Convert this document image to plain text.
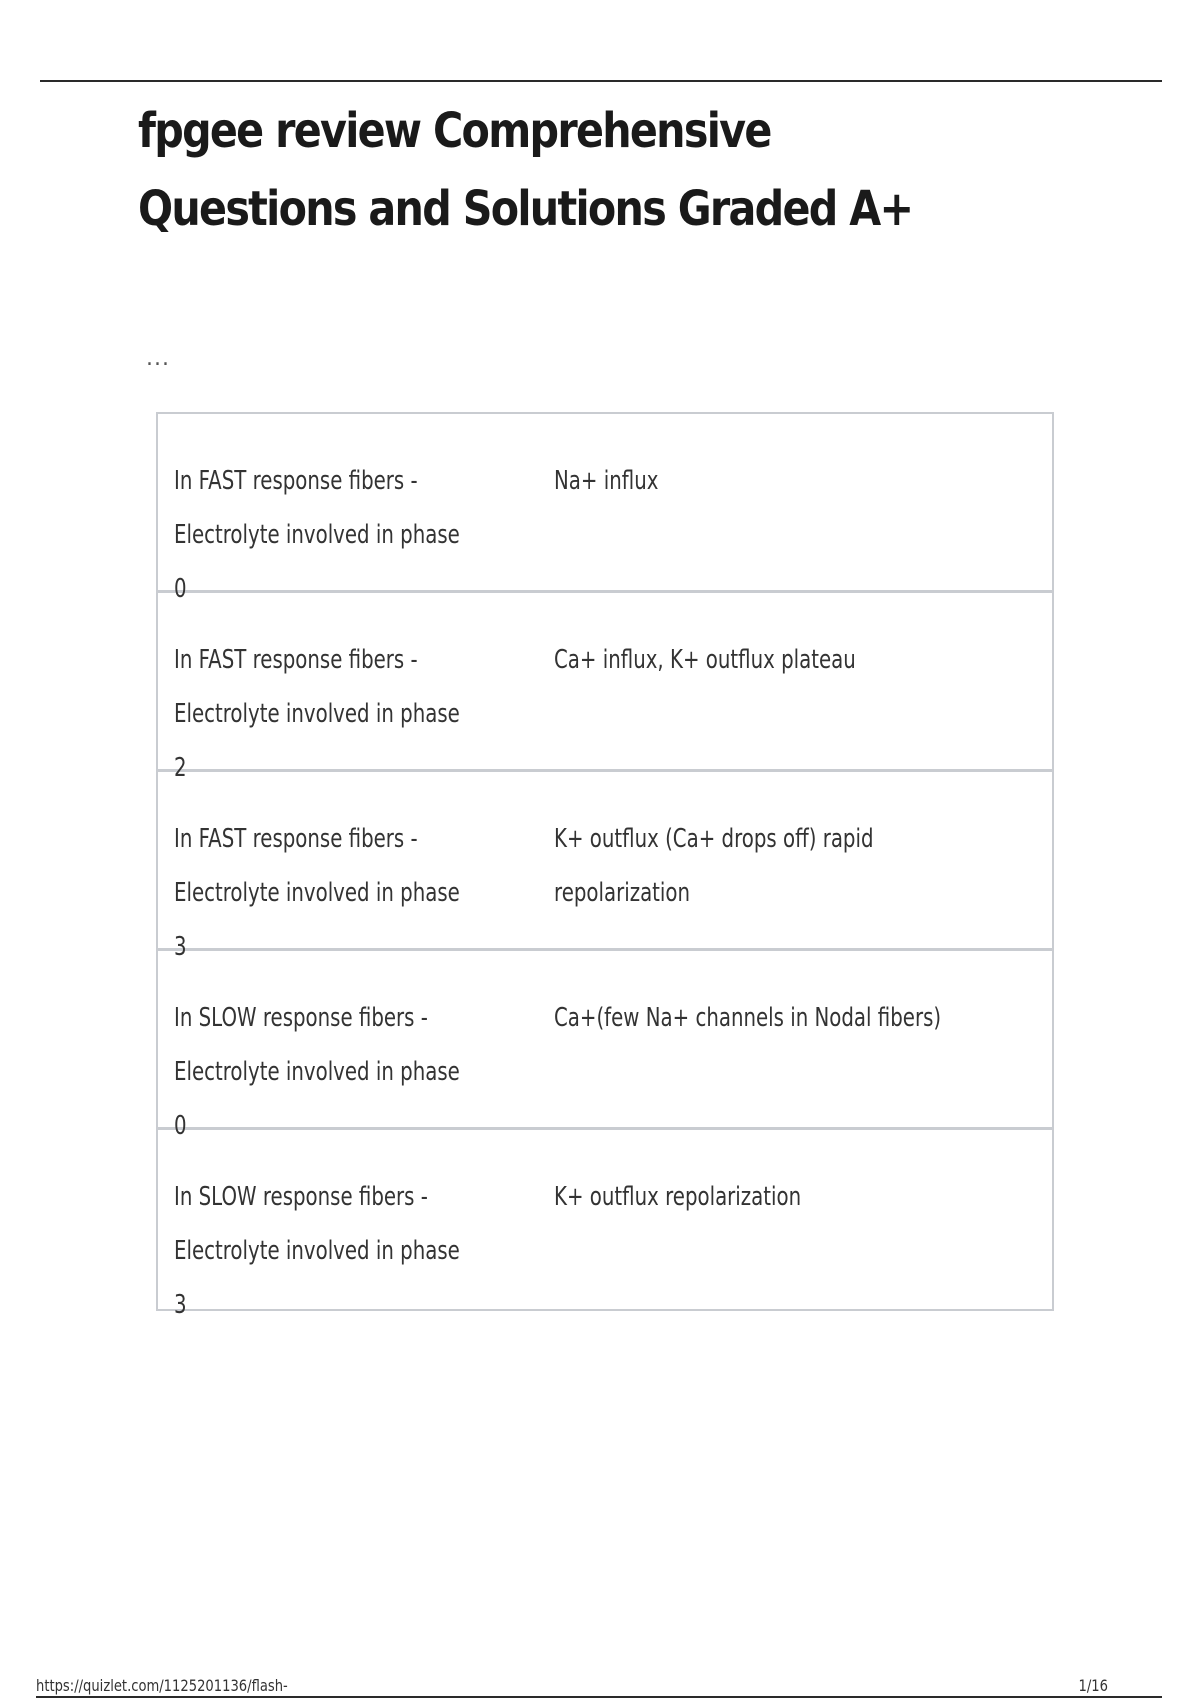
fpgee review Comprehensive Questions and Solutions Graded A+
...
In FAST response fibers - Electrolyte involved in phase 0
Na+ influx
In FAST response fibers - Electrolyte involved in phase 2
Ca+ influx, K+ outflux plateau
In FAST response fibers - Electrolyte involved in phase 3
K+ outflux (Ca+ drops off) rapid repolarization
In SLOW response fibers - Electrolyte involved in phase 0
Ca+(few Na+ channels in Nodal fibers)
In SLOW response fibers - Electrolyte involved in phase 3
K+ outflux repolarization
https://quizlet.com/1125201136/flash-	1/16
